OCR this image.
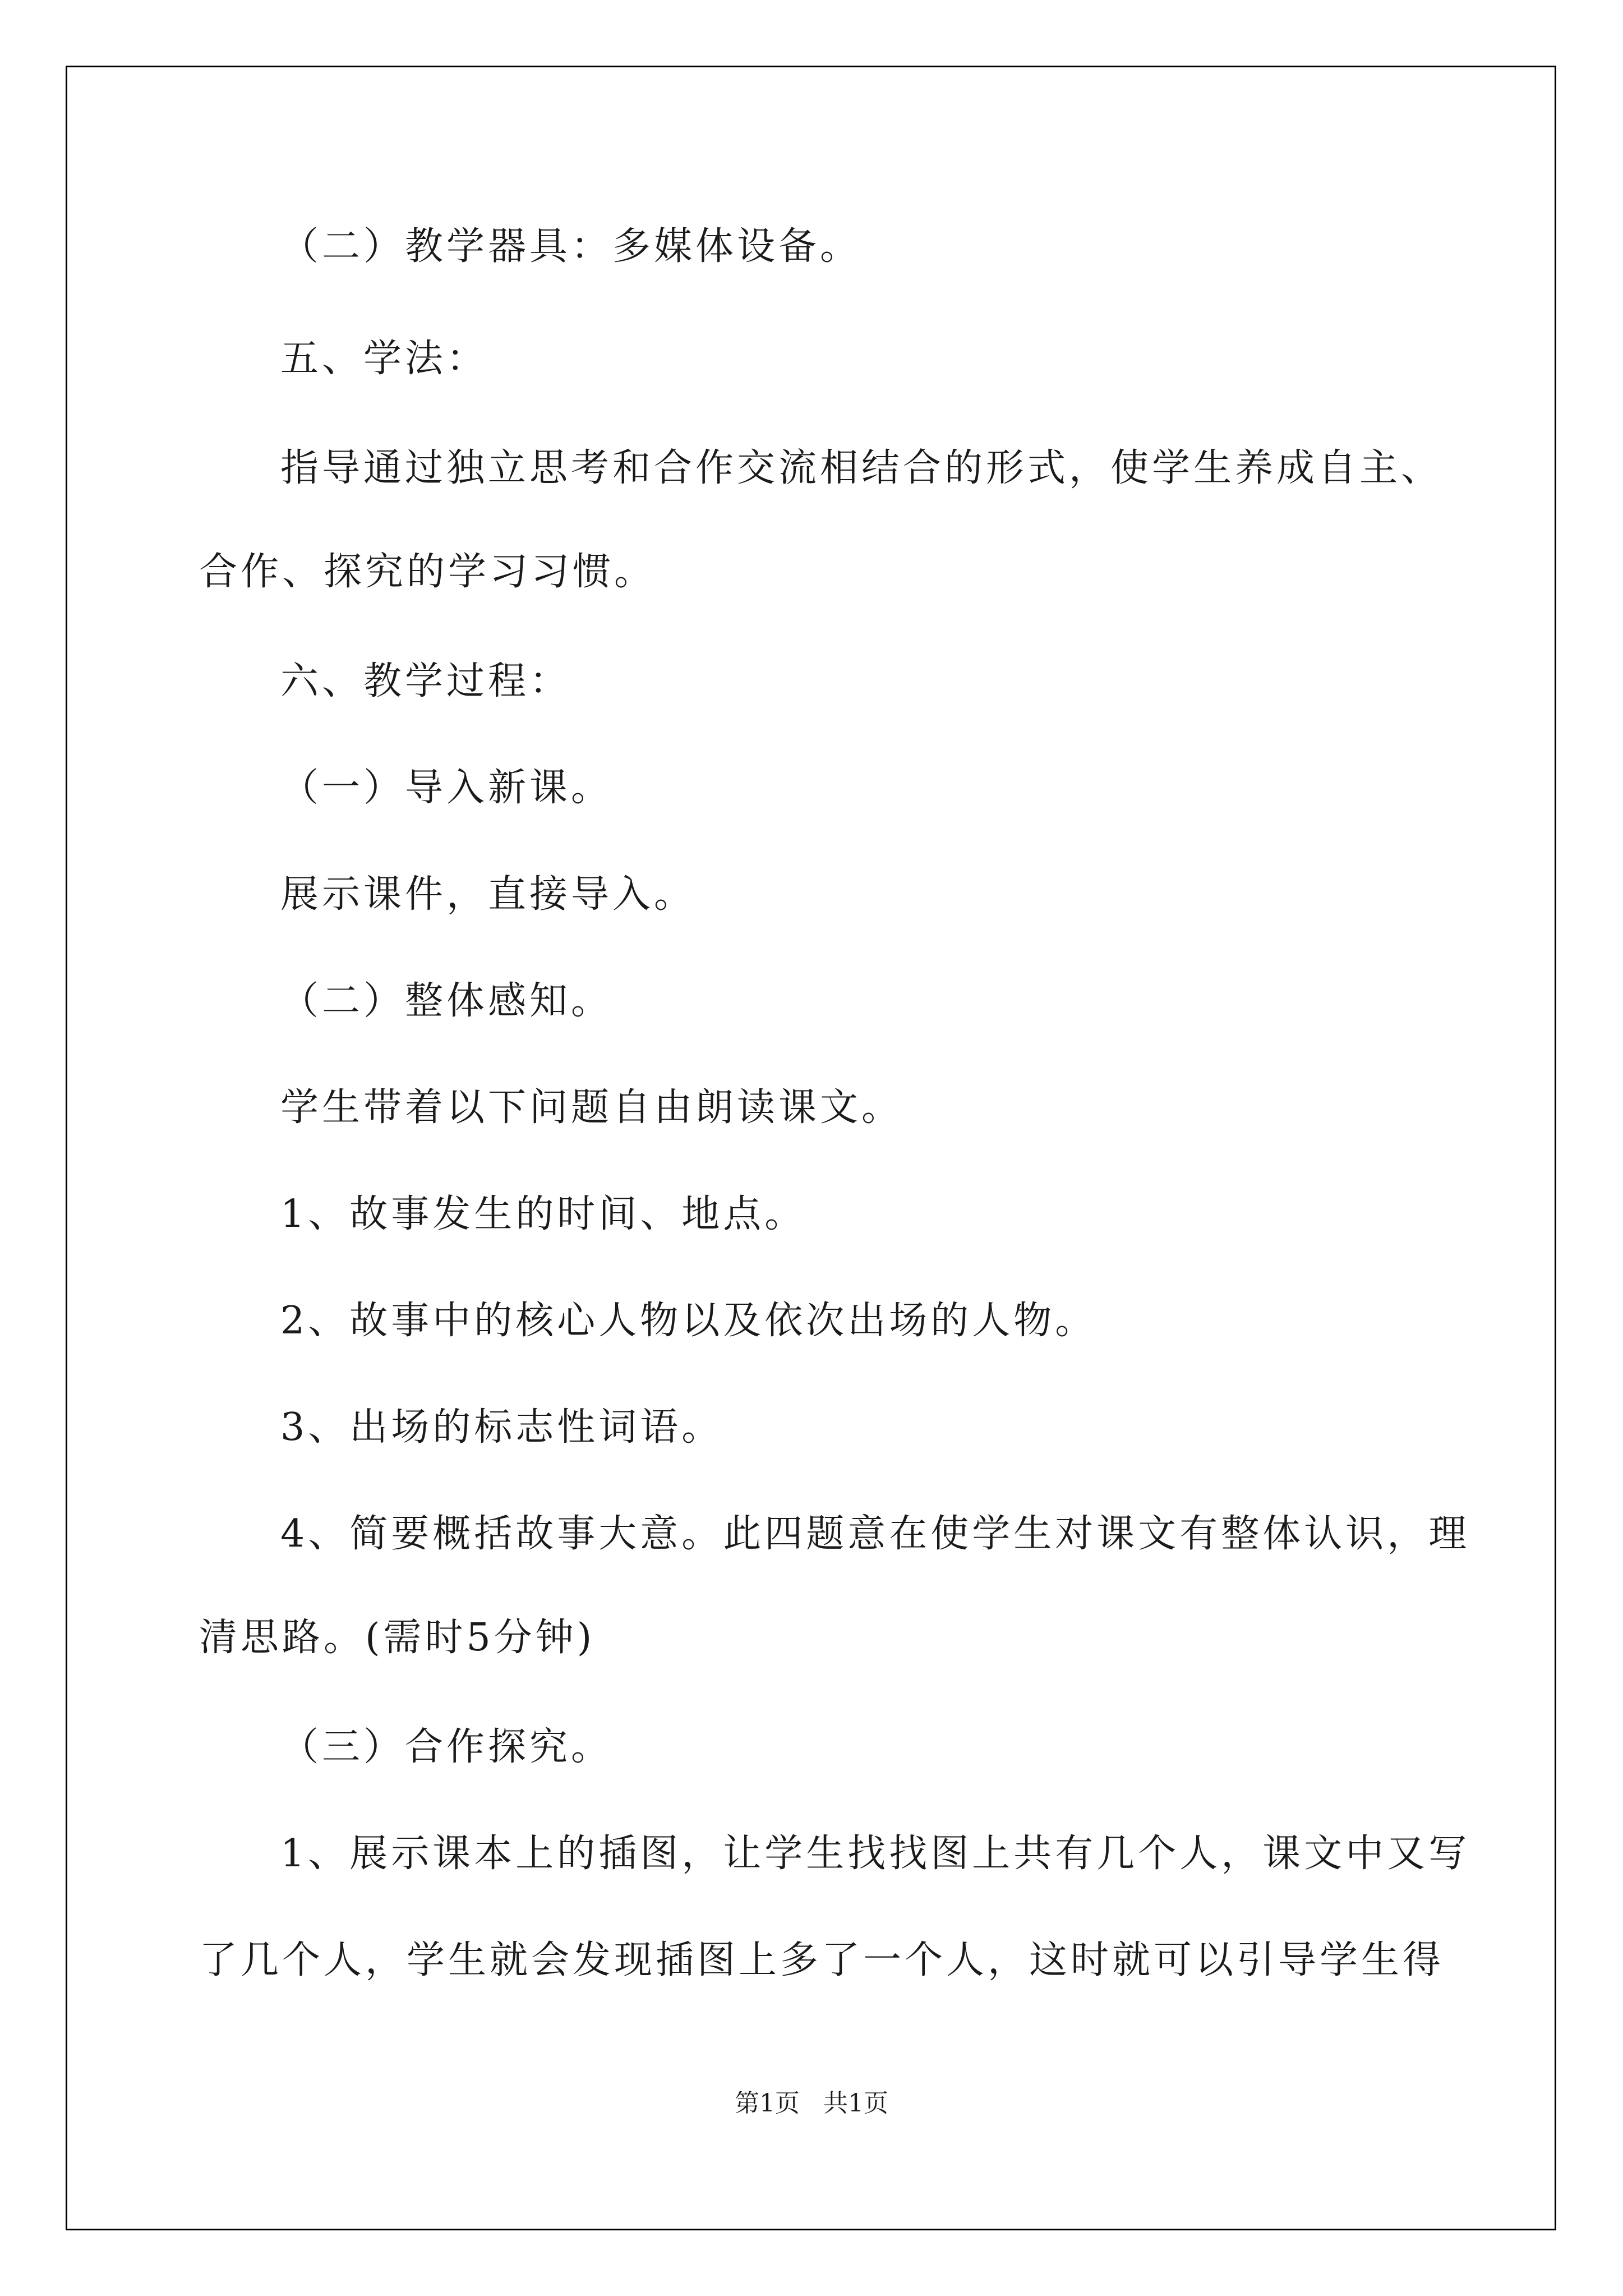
（二）教学器具：多媒体设备。
五、学法：
指导通过独立思考和合作交流相结合的形式，使学生养成自主、
合作、探究的学习习惯。
六、教学过程：
（一）导入新课。
展示课件，直接导入。
（二）整体感知。
学生带着以下问题自由朗读课文。
1、故事发生的时间、地点。
2、故事中的核心人物以及依次出场的人物。
3、出场的标志性词语。
4、简要概括故事大意。此四题意在使学生对课文有整体认识，理
清思路。(需时5分钟)
（三）合作探究。
1、展示课本上的插图，让学生找找图上共有几个人，课文中又写
了几个人，学生就会发现插图上多了一个人，这时就可以引导学生得
第1页   共1页
